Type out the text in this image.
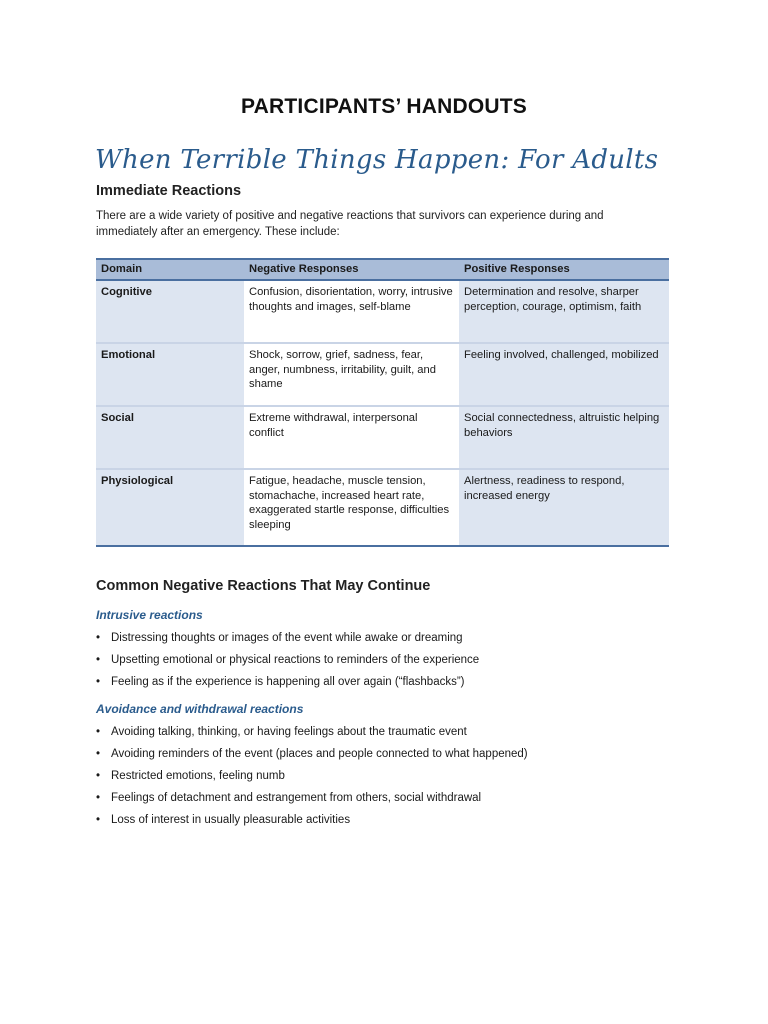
PARTICIPANTS’ HANDOUTS
When Terrible Things Happen: For Adults
Immediate Reactions
There are a wide variety of positive and negative reactions that survivors can experience during and immediately after an emergency. These include:
Domain	Negative Responses	Positive Responses
Cognitive	Confusion, disorientation, worry, intrusive thoughts and images, self-blame	Determination and resolve, sharper perception, courage, optimism, faith
Emotional	Shock, sorrow, grief, sadness, fear, anger, numbness, irritability, guilt, and shame	Feeling involved, challenged, mobilized
Social	Extreme withdrawal, interpersonal conflict	Social connectedness, altruistic helping behaviors
Physiological	Fatigue, headache, muscle tension, stomachache, increased heart rate, exaggerated startle response, difficulties sleeping	Alertness, readiness to respond, increased energy
Common Negative Reactions That May Continue
Intrusive reactions
• Distressing thoughts or images of the event while awake or dreaming
• Upsetting emotional or physical reactions to reminders of the experience
• Feeling as if the experience is happening all over again (“flashbacks”)
Avoidance and withdrawal reactions
• Avoiding talking, thinking, or having feelings about the traumatic event
• Avoiding reminders of the event (places and people connected to what happened)
• Restricted emotions, feeling numb
• Feelings of detachment and estrangement from others, social withdrawal
• Loss of interest in usually pleasurable activities
